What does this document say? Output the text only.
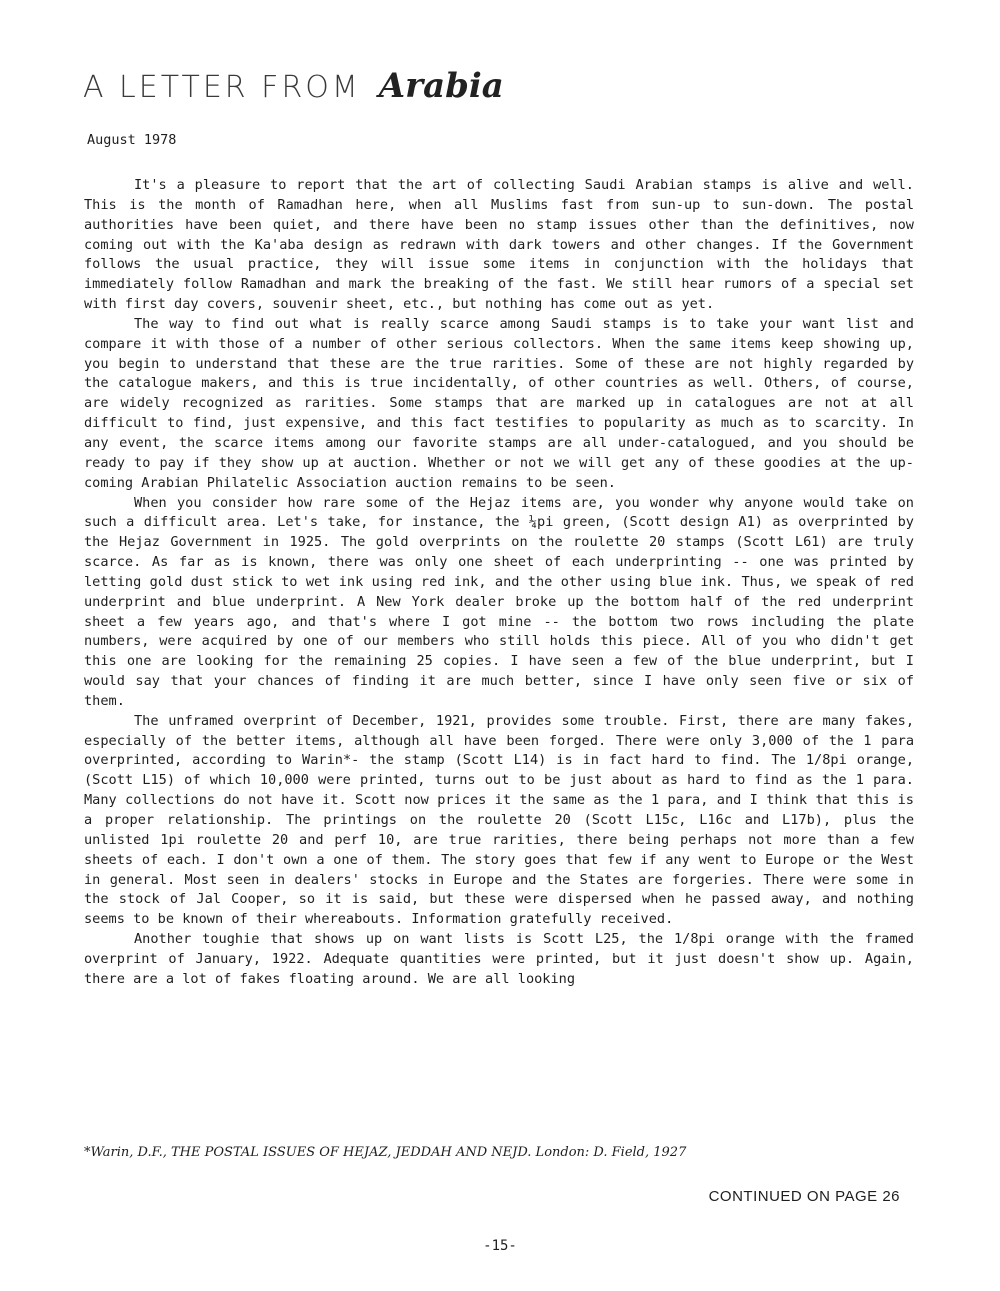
A LETTER FROM Arabia
August 1978

It's a pleasure to report that the art of collecting Saudi Arabian stamps is alive and well. This is the month of Ramadhan here, when all Muslims fast from sun-up to sun-down. The postal authorities have been quiet, and there have been no stamp issues other than the definitives, now coming out with the Ka'aba design as redrawn with dark towers and other changes. If the Government follows the usual practice, they will issue some items in conjunction with the holidays that immediately follow Ramadhan and mark the breaking of the fast. We still hear rumors of a special set with first day covers, souvenir sheet, etc., but nothing has come out as yet.

The way to find out what is really scarce among Saudi stamps is to take your want list and compare it with those of a number of other serious collectors. When the same items keep showing up, you begin to understand that these are the true rarities. Some of these are not highly regarded by the catalogue makers, and this is true incidentally, of other countries as well. Others, of course, are widely recognized as rarities. Some stamps that are marked up in catalogues are not at all difficult to find, just expensive, and this fact testifies to popularity as much as to scarcity. In any event, the scarce items among our favorite stamps are all under-catalogued, and you should be ready to pay if they show up at auction. Whether or not we will get any of these goodies at the up-coming Arabian Philatelic Association auction remains to be seen.

When you consider how rare some of the Hejaz items are, you wonder why anyone would take on such a difficult area. Let's take, for instance, the ¼pi green, (Scott design A1) as overprinted by the Hejaz Government in 1925. The gold overprints on the roulette 20 stamps (Scott L61) are truly scarce. As far as is known, there was only one sheet of each underprinting -- one was printed by letting gold dust stick to wet ink using red ink, and the other using blue ink. Thus, we speak of red underprint and blue underprint. A New York dealer broke up the bottom half of the red underprint sheet a few years ago, and that's where I got mine -- the bottom two rows including the plate numbers, were acquired by one of our members who still holds this piece. All of you who didn't get this one are looking for the remaining 25 copies. I have seen a few of the blue underprint, but I would say that your chances of finding it are much better, since I have only seen five or six of them.

The unframed overprint of December, 1921, provides some trouble. First, there are many fakes, especially of the better items, although all have been forged. There were only 3,000 of the 1 para overprinted, according to Warin*- the stamp (Scott L14) is in fact hard to find. The 1/8pi orange, (Scott L15) of which 10,000 were printed, turns out to be just about as hard to find as the 1 para. Many collections do not have it. Scott now prices it the same as the 1 para, and I think that this is a proper relationship. The printings on the roulette 20 (Scott L15c, L16c and L17b), plus the unlisted 1pi roulette 20 and perf 10, are true rarities, there being perhaps not more than a few sheets of each. I don't own a one of them. The story goes that few if any went to Europe or the West in general. Most seen in dealers' stocks in Europe and the States are forgeries. There were some in the stock of Jal Cooper, so it is said, but these were dispersed when he passed away, and nothing seems to be known of their whereabouts. Information gratefully received.

Another toughie that shows up on want lists is Scott L25, the 1/8pi orange with the framed overprint of January, 1922. Adequate quantities were printed, but it just doesn't show up. Again, there are a lot of fakes floating around. We are all looking

*Warin, D.F., THE POSTAL ISSUES OF HEJAZ, JEDDAH AND NEJD. London: D. Field, 1927
CONTINUED ON PAGE 26
-15-
